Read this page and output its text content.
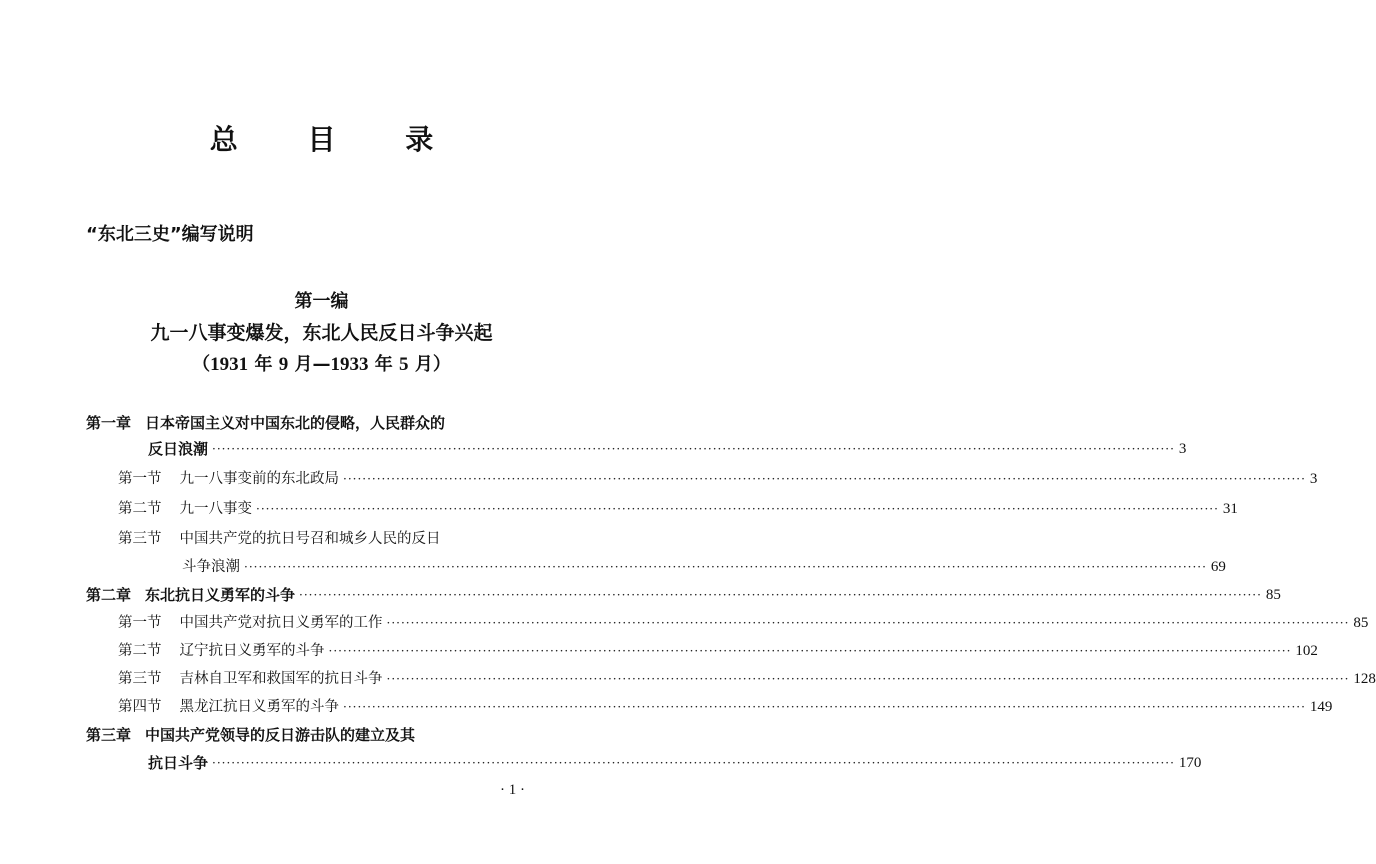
总 目 录
“东北三史”编写说明
第一编
九一八事变爆发，东北人民反日斗争兴起
（1931 年 9 月—1933 年 5 月）
第一章 日本帝国主义对中国东北的侵略，人民群众的
反日浪潮 ········································································································································································································ 3
第一节 九一八事变前的东北政局 ········································································································································································································ 3
第二节 九一八事变 ········································································································································································································ 31
第三节 中国共产党的抗日号召和城乡人民的反日
斗争浪潮 ········································································································································································································ 69
第二章 东北抗日义勇军的斗争 ········································································································································································································ 85
第一节 中国共产党对抗日义勇军的工作 ········································································································································································································ 85
第二节 辽宁抗日义勇军的斗争 ········································································································································································································ 102
第三节 吉林自卫军和救国军的抗日斗争 ········································································································································································································ 128
第四节 黑龙江抗日义勇军的斗争 ········································································································································································································ 149
第三章 中国共产党领导的反日游击队的建立及其
抗日斗争 ········································································································································································································ 170
· 1 ·
